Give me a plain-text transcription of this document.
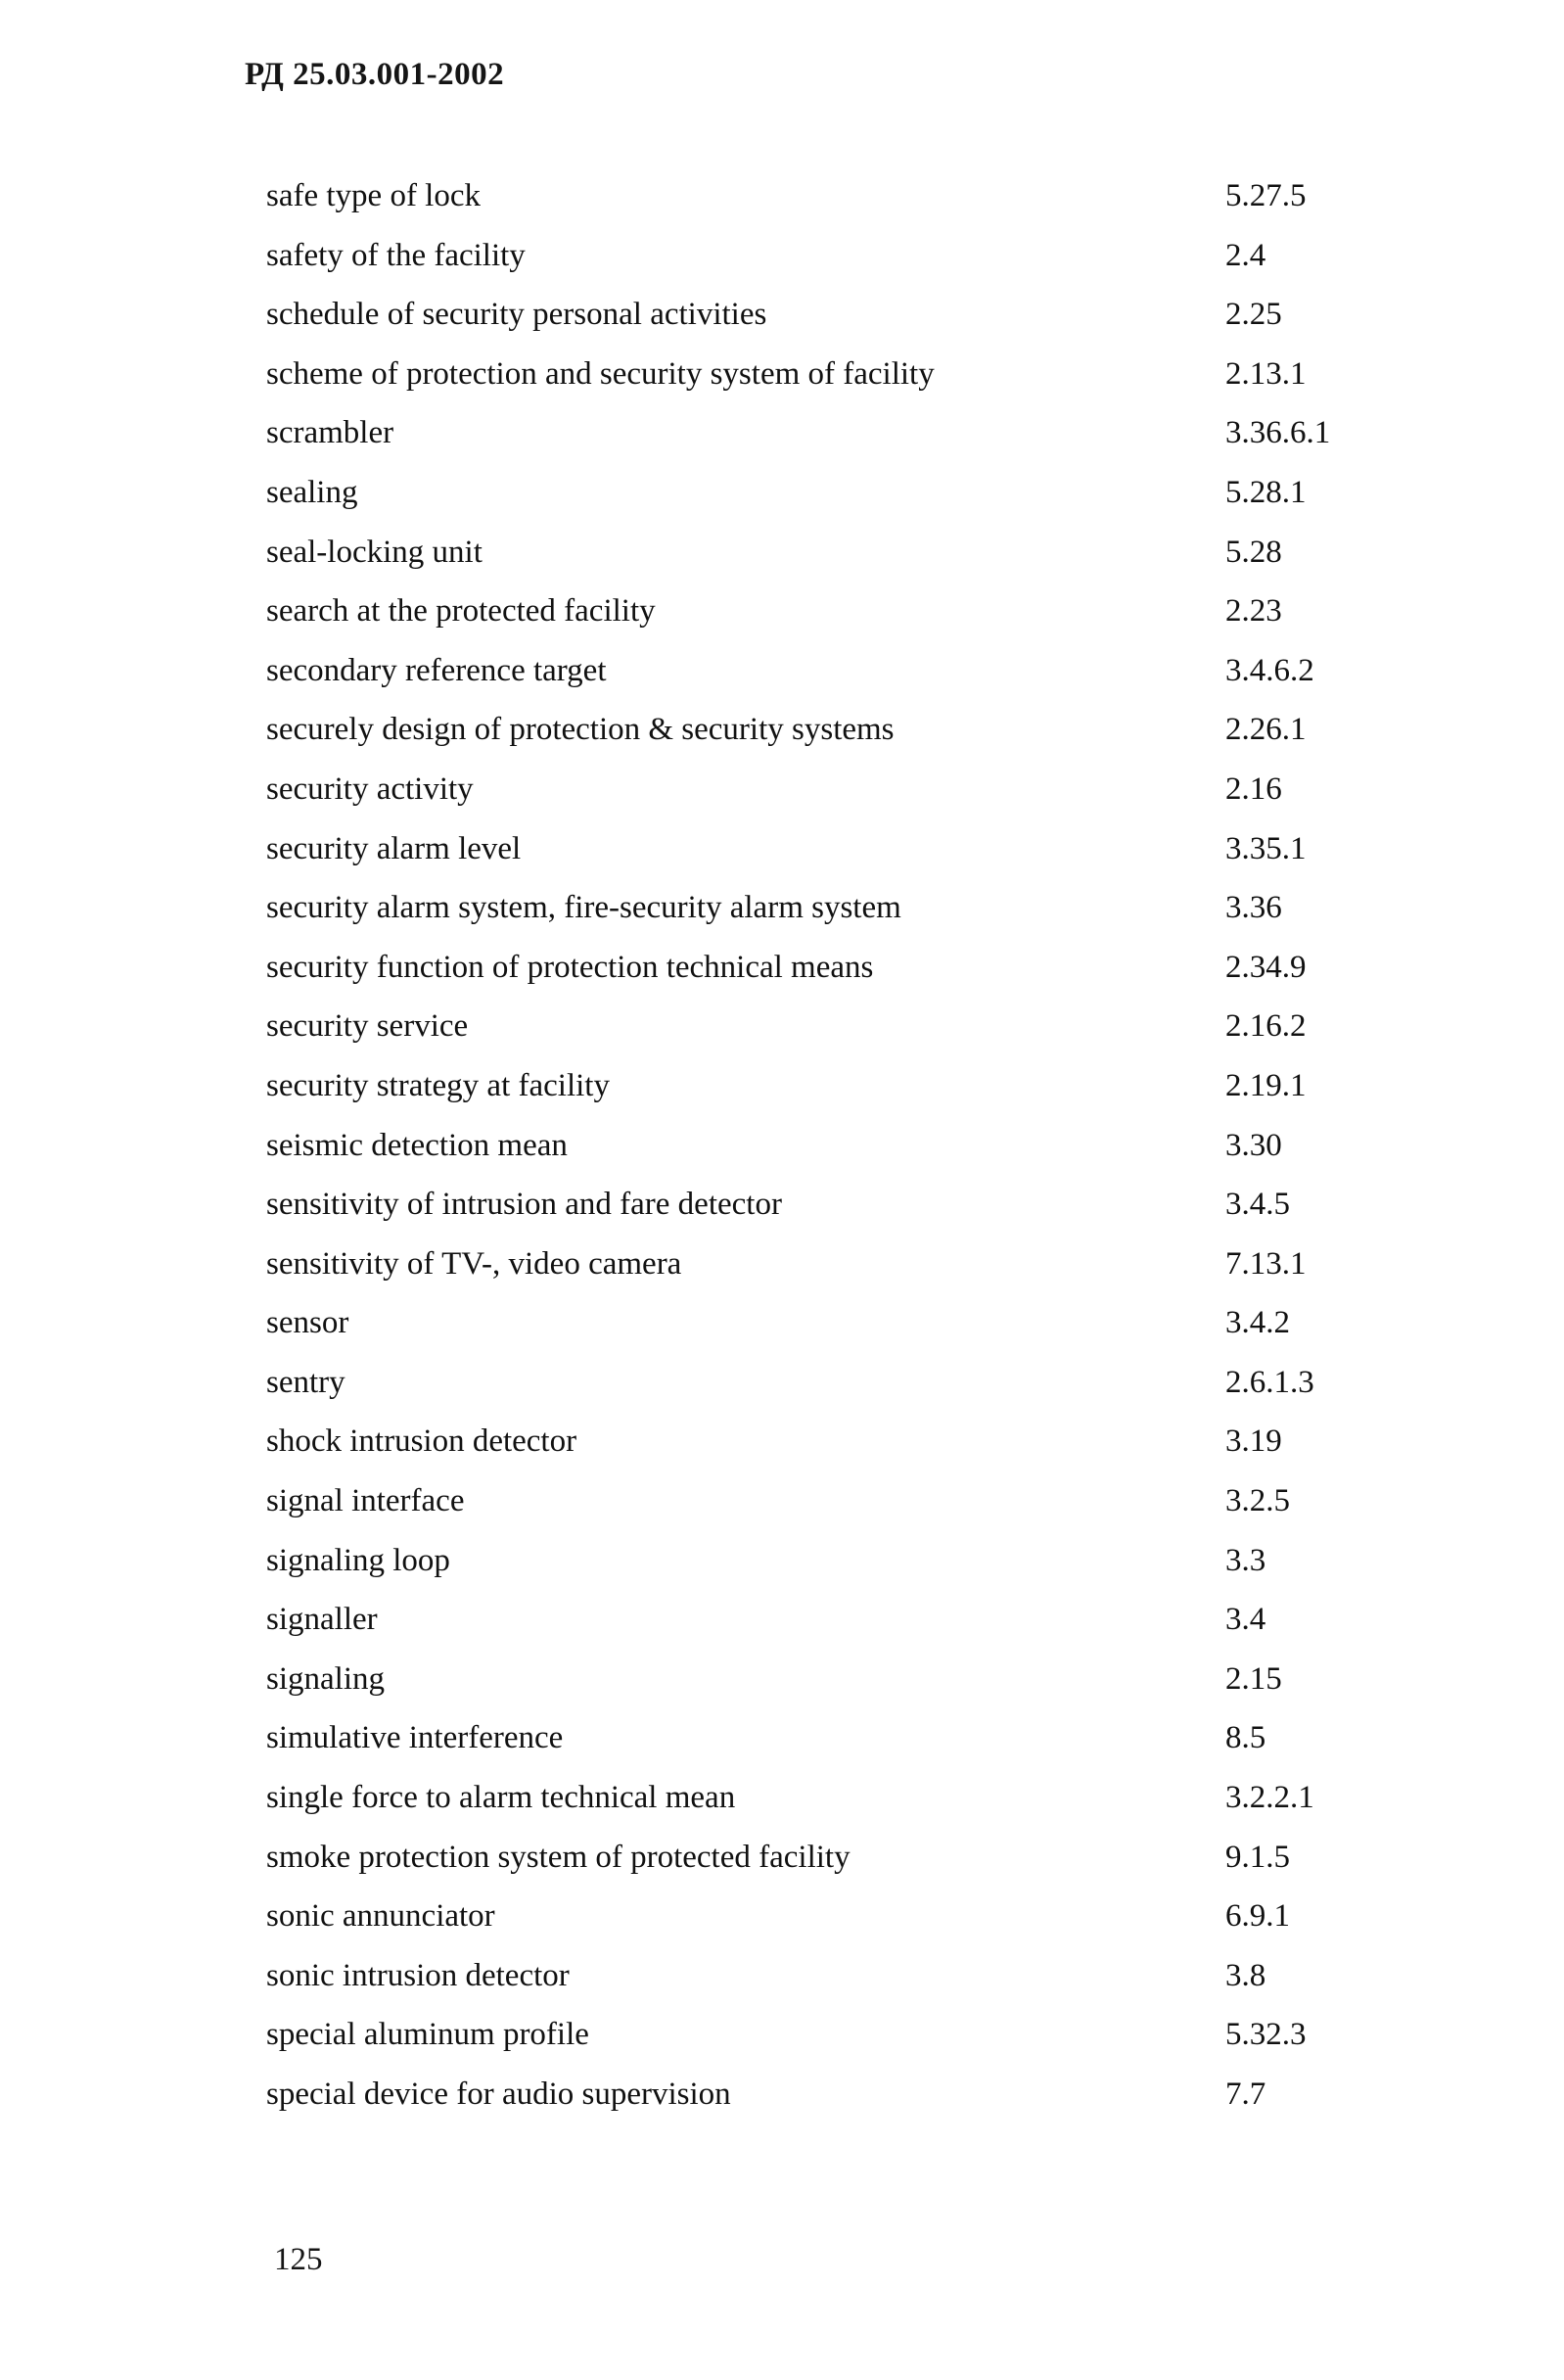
РД 25.03.001-2002
safe type of lock	5.27.5
safety of the facility	2.4
schedule of security personal activities	2.25
scheme of protection and security system of facility	2.13.1
scrambler	3.36.6.1
sealing	5.28.1
seal-locking unit	5.28
search at the protected facility	2.23
secondary reference target	3.4.6.2
securely design of protection & security systems	2.26.1
security activity	2.16
security alarm level	3.35.1
security alarm system, fire-security alarm system	3.36
security function of protection technical means	2.34.9
security service	2.16.2
security strategy at facility	2.19.1
seismic detection mean	3.30
sensitivity of intrusion and fare detector	3.4.5
sensitivity of TV-, video camera	7.13.1
sensor	3.4.2
sentry	2.6.1.3
shock intrusion detector	3.19
signal interface	3.2.5
signaling loop	3.3
signaller	3.4
signaling	2.15
simulative interference	8.5
single force to alarm technical mean	3.2.2.1
smoke protection system of protected facility	9.1.5
sonic annunciator	6.9.1
sonic intrusion detector	3.8
special aluminum profile	5.32.3
special device for audio supervision	7.7
125
